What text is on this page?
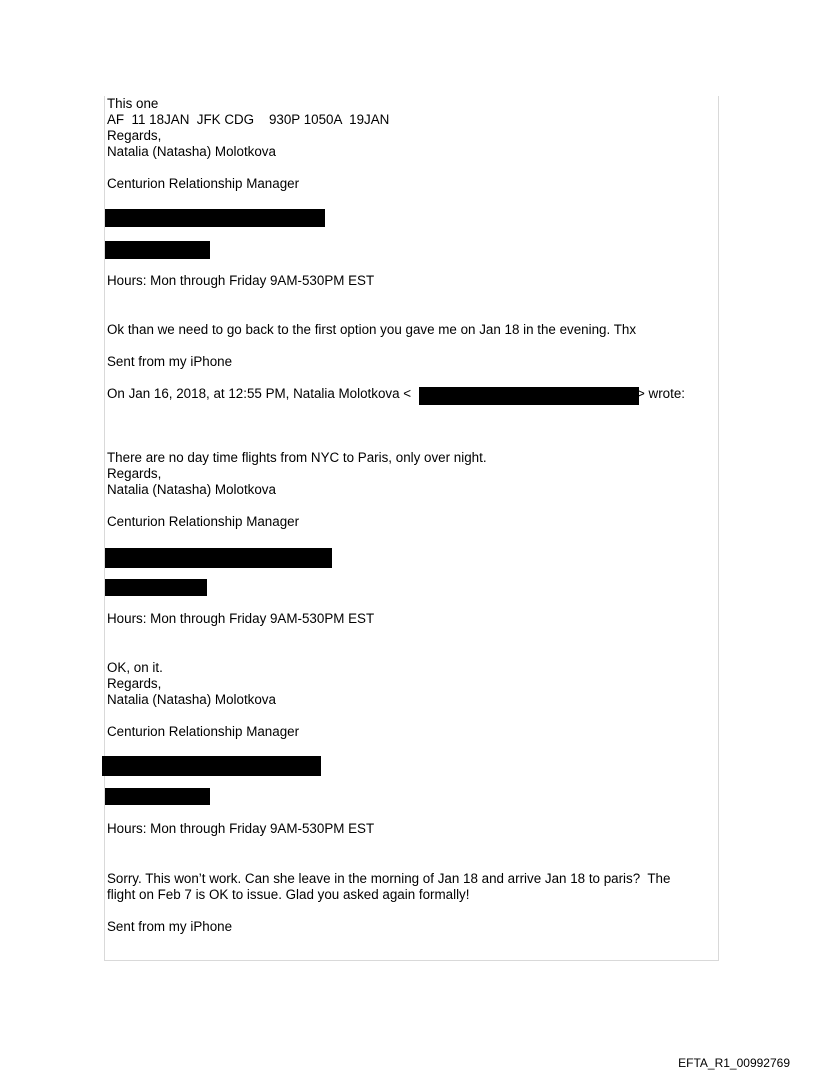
This one
AF  11 18JAN  JFK CDG    930P 1050A  19JAN
Regards,
Natalia (Natasha) Molotkova
Centurion Relationship Manager
Hours: Mon through Friday 9AM-530PM EST
Ok than we need to go back to the first option you gave me on Jan 18 in the evening. Thx
Sent from my iPhone
On Jan 16, 2018, at 12:55 PM, Natalia Molotkova <	> wrote:
There are no day time flights from NYC to Paris, only over night.
Regards,
Natalia (Natasha) Molotkova
Centurion Relationship Manager
Hours: Mon through Friday 9AM-530PM EST
OK, on it.
Regards,
Natalia (Natasha) Molotkova
Centurion Relationship Manager
Hours: Mon through Friday 9AM-530PM EST
Sorry. This won’t work. Can she leave in the morning of Jan 18 and arrive Jan 18 to paris?  The
flight on Feb 7 is OK to issue. Glad you asked again formally!
Sent from my iPhone
EFTA_R1_00992769
